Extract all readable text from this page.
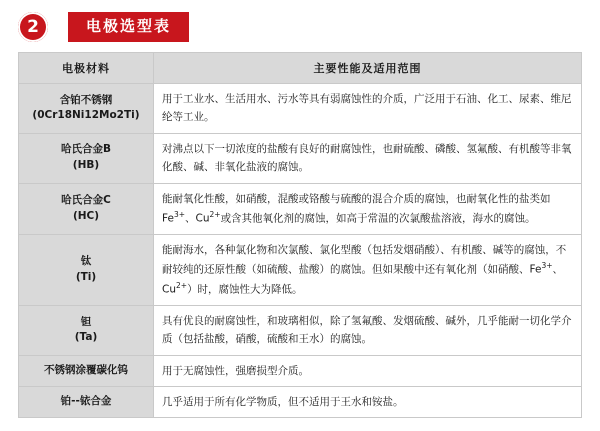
2	电极选型表
电极材料	主要性能及适用范围

含铂不锈钢
(0Cr18Ni12Mo2Ti)	用于工业水、生活用水、污水等具有弱腐蚀性的介质，广泛用于石油、化工、尿素、维尼纶等工业。

哈氏合金B
(HB)	对沸点以下一切浓度的盐酸有良好的耐腐蚀性，也耐硫酸、磷酸、氢氟酸、有机酸等非氧化酸、碱、非氧化盐液的腐蚀。

哈氏合金C
(HC)	能耐氧化性酸，如硝酸，混酸或铬酸与硫酸的混合介质的腐蚀，也耐氧化性的盐类如$Fe^{3+}$、$Cu^{2+}$或含其他氧化剂的腐蚀，如高于常温的次氯酸盐溶液，海水的腐蚀。

钛
(Ti)	能耐海水，各种氯化物和次氯酸、氯化型酸（包括发烟硝酸）、有机酸、碱等的腐蚀，不耐较纯的还原性酸（如硫酸、盐酸）的腐蚀。但如果酸中还有氧化剂（如硝酸、$Fe^{3+}$、$Cu^{2+}$）时，腐蚀性大为降低。

钽
(Ta)	具有优良的耐腐蚀性，和玻璃相似，除了氢氟酸、发烟硫酸、碱外，几乎能耐一切化学介质（包括盐酸，硝酸，硫酸和王水）的腐蚀。

不锈钢涂覆碳化钨	用于无腐蚀性，强磨损型介质。

铂--铱合金	几乎适用于所有化学物质，但不适用于王水和铵盐。
